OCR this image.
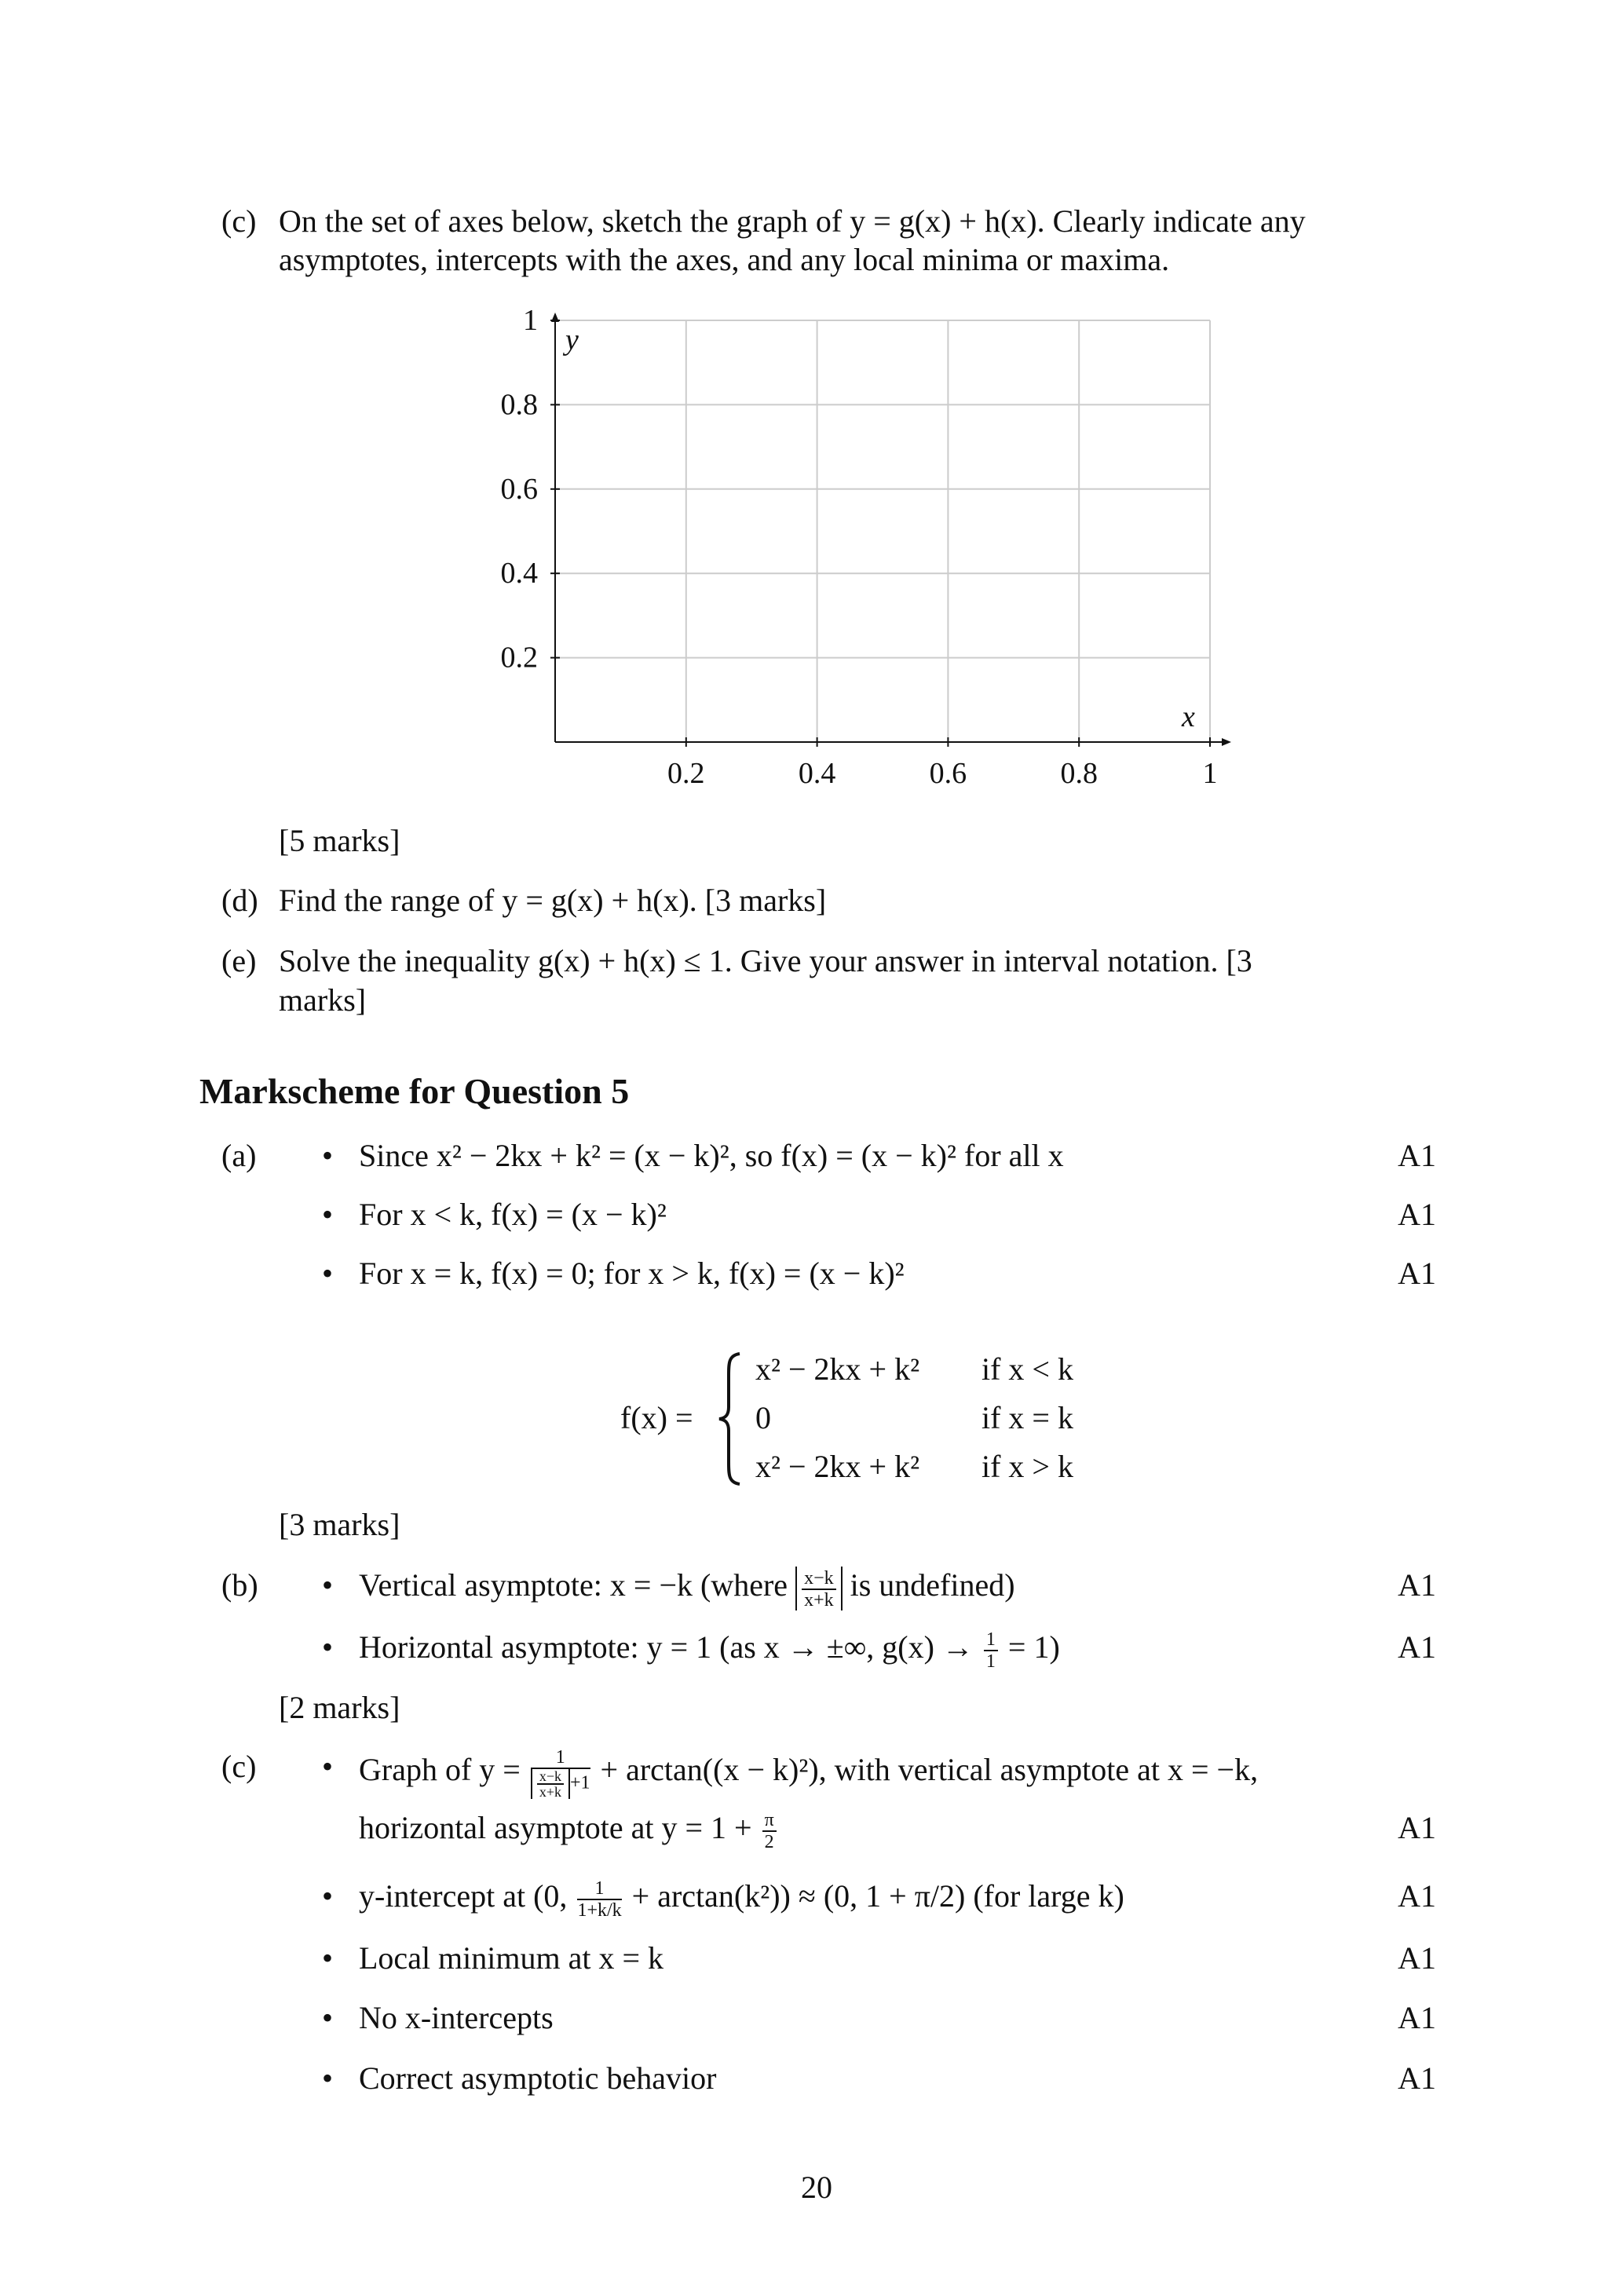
(c) On the set of axes below, sketch the graph of y = g(x) + h(x). Clearly indicate any
asymptotes, intercepts with the axes, and any local minima or maxima.
0.2	0.4	0.6	0.8	1
0.2
0.4
0.6
0.8
1
y
x
[5 marks]
(d) Find the range of y = g(x) + h(x). [3 marks]
(e) Solve the inequality g(x) + h(x) ≤ 1. Give your answer in interval notation. [3
marks]
Markscheme for Question 5
(a) • Since x² − 2kx + k² = (x − k)², so f(x) = (x − k)² for all x	A1
• For x < k, f(x) = (x − k)²	A1
• For x = k, f(x) = 0; for x > k, f(x) = (x − k)²	A1
f(x) =
x² − 2kx + k² if x < k
0	if x = k
x² − 2kx + k² if x > k
[3 marks]
(b) • Vertical asymptote: x = −k (where $\frac{x-k}{x+k}$ is undefined)	A1
• Horizontal asymptote: y = 1 (as x → ±∞, $g(x) \to \frac{1}{1} = 1$)	A1
[2 marks]
(c) • Graph of $y = \frac{1}{\frac{x-k}{x+k} +1} + \arctan((x - k)^2)$, with vertical asymptote at x = −k,
horizontal asymptote at $y = 1 + \frac{\pi}{2}$	A1
• y-intercept at (0, $\frac{1}{1+k/k} + \arctan(k^2)) \approx (0$, 1 + π/2) (for large k)	A1
• Local minimum at x = k	A1
• No x-intercepts	A1
• Correct asymptotic behavior	A1
20
